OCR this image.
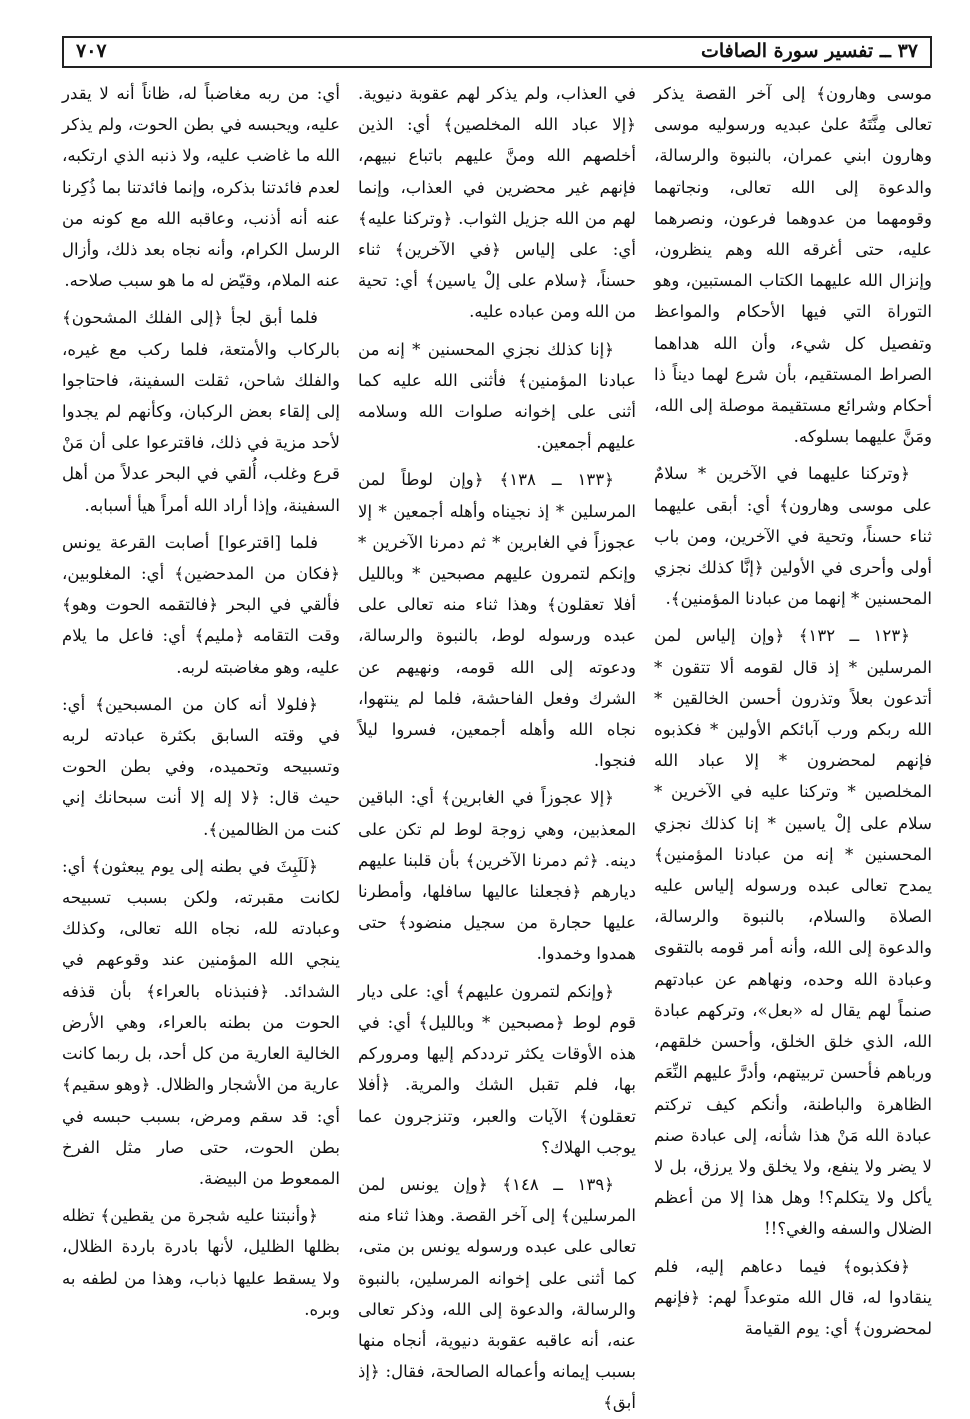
٣٧ ــ تفسير سورة الصافات
٧٠٧

موسى وهارون﴾ إلى آخر القصة يذكر تعالى مِنَّتَهُ علىٰ عبديه ورسوليه موسى وهارون ابني عمران، بالنبوة والرسالة، والدعوة إلى الله تعالى، ونجاتهما وقومهما من عدوهما فرعون، ونصرهما عليه، حتى أغرقه الله وهم ينظرون، وإنزال الله عليهما الكتاب المستبين، وهو التوراة التي فيها الأحكام والمواعظ وتفصيل كل شيء، وأن الله هداهما الصراط المستقيم، بأن شرع لهما ديناً ذا أحكام وشرائع مستقيمة موصلة إلى الله، ومَنَّ عليهما بسلوكه.

﴿وتركنا عليهما في الآخرين * سلامٌ على موسى وهارون﴾ أي: أبقى عليهما ثناء حسناً، وتحية في الآخرين، ومن باب أولى وأحرى في الأولين ﴿إنَّا كذلك نجزي المحسنين * إنهما من عبادنا المؤمنين﴾.

﴿١٢٣ ــ ١٣٢﴾ ﴿وإن إلياس لمن المرسلين * إذ قال لقومه ألا تتقون * أتدعون بعلاً وتذرون أحسن الخالقين * الله ربكم ورب آبائكم الأولين * فكذبوه فإنهم لمحضرون * إلا عباد الله المخلصين * وتركنا عليه في الآخرين * سلام على إلْ ياسين * إنا كذلك نجزي المحسنين * إنه من عبادنا المؤمنين﴾ يمدح تعالى عبده ورسوله إلياس عليه الصلاة والسلام، بالنبوة والرسالة، والدعوة إلى الله، وأنه أمر قومه بالتقوى وعبادة الله وحده، ونهاهم عن عبادتهم صنماً لهم يقال له «بعل»، وتركهم عبادة الله، الذي خلق الخلق، وأحسن خلقهم، ورباهم فأحسن تربيتهم، وأدرَّ عليهم النِّعَم الظاهرة والباطنة، وأنكم كيف تركتم عبادة الله مَنْ هذا شأنه، إلى عبادة صنم لا يضر ولا ينفع، ولا يخلق ولا يرزق، بل لا يأكل ولا يتكلم؟! وهل هذا إلا من أعظم الضلال والسفه والغي؟!!

﴿فكذبوه﴾ فيما دعاهم إليه، فلم ينقادوا له، قال الله متوعداً لهم: ﴿فإنهم لمحضرون﴾ أي: يوم القيامة

في العذاب، ولم يذكر لهم عقوبة دنيوية. ﴿إلا عباد الله المخلصين﴾ أي: الذين أخلصهم الله ومنَّ عليهم باتباع نبيهم، فإنهم غير محضرين في العذاب، وإنما لهم من الله جزيل الثواب. ﴿وتركنا عليه﴾ أي: على إلياس ﴿في الآخرين﴾ ثناء حسناً، ﴿سلام على إلْ ياسين﴾ أي: تحية من الله ومن عباده عليه.

﴿إنا كذلك نجزي المحسنين * إنه من عبادنا المؤمنين﴾ فأثنى الله عليه كما أثنى على إخوانه صلوات الله وسلامه عليهم أجمعين.

﴿١٣٣ ــ ١٣٨﴾ ﴿وإن لوطاً لمن المرسلين * إذ نجيناه وأهله أجمعين * إلا عجوزاً في الغابرين * ثم دمرنا الآخرين * وإنكم لتمرون عليهم مصبحين * وبالليل أفلا تعقلون﴾ وهذا ثناء منه تعالى على عبده ورسوله لوط، بالنبوة والرسالة، ودعوته إلى الله قومه، ونهيهم عن الشرك وفعل الفاحشة، فلما لم ينتهوا، نجاه الله وأهله أجمعين، فسروا ليلاً فنجوا.

﴿إلا عجوزاً في الغابرين﴾ أي: الباقين المعذبين، وهي زوجة لوط لم تكن على دينه. ﴿ثم دمرنا الآخرين﴾ بأن قلبنا عليهم ديارهم ﴿فجعلنا عاليها سافلها، وأمطرنا عليها حجارة من سجيل منضود﴾ حتى همدوا وخمدوا.

﴿وإنكم لتمرون عليهم﴾ أي: على ديار قوم لوط ﴿مصبحين * وبالليل﴾ أي: في هذه الأوقات يكثر ترددكم إليها ومروركم بها، فلم تقبل الشك والمرية. ﴿أفلا تعقلون﴾ الآيات والعبر، وتنزجرون عما يوجب الهلاك؟

﴿١٣٩ ــ ١٤٨﴾ ﴿وإن يونس لمن المرسلين﴾ إلى آخر القصة. وهذا ثناء منه تعالى على عبده ورسوله يونس بن متى، كما أثنى على إخوانه المرسلين، بالنبوة والرسالة، والدعوة إلى الله، وذكر تعالى عنه، أنه عاقبه عقوبة دنيوية، أنجاه منها بسبب إيمانه وأعماله الصالحة، فقال: ﴿إذ أبق﴾

أي: من ربه مغاضباً له، ظاناً أنه لا يقدر عليه، ويحبسه في بطن الحوت، ولم يذكر الله ما غاضب عليه، ولا ذنبه الذي ارتكبه، لعدم فائدتنا بذكره، وإنما فائدتنا بما ذُكِرنا عنه أنه أذنب، وعاقبه الله مع كونه من الرسل الكرام، وأنه نجاه بعد ذلك، وأزال عنه الملام، وقيّض له ما هو سبب صلاحه.

فلما أبق لجأ ﴿إلى الفلك المشحون﴾ بالركاب والأمتعة، فلما ركب مع غيره، والفلك شاحن، ثقلت السفينة، فاحتاجوا إلى إلقاء بعض الركبان، وكأنهم لم يجدوا لأحد مزية في ذلك، فاقترعوا على أن مَنْ قرع وغلب، أُلقي في البحر عدلاً من أهل السفينة، وإذا أراد الله أمراً هيأ أسبابه.

فلما [اقترعوا] أصابت القرعة يونس ﴿فكان من المدحضين﴾ أي: المغلوبين، فألقي في البحر ﴿فالتقمه الحوت وهو﴾ وقت التقامه ﴿مليم﴾ أي: فاعل ما يلام عليه، وهو مغاضبته لربه.

﴿فلولا أنه كان من المسبحين﴾ أي: في وقته السابق بكثرة عبادته لربه وتسبيحه وتحميده، وفي بطن الحوت حيث قال: ﴿لا إله إلا أنت سبحانك إني كنت من الظالمين﴾.

﴿لَلَبِثَ في بطنه إلى يوم يبعثون﴾ أي: لكانت مقبرته، ولكن بسبب تسبيحه وعبادته لله، نجاه الله تعالى، وكذلك ينجي الله المؤمنين عند وقوعهم في الشدائد. ﴿فنبذناه بالعراء﴾ بأن قذفه الحوت من بطنه بالعراء، وهي الأرض الخالية العارية من كل أحد، بل ربما كانت عارية من الأشجار والظلال. ﴿وهو سقيم﴾ أي: قد سقم ومرض، بسبب حبسه في بطن الحوت، حتى صار مثل الفرخ الممعوط من البيضة.

﴿وأنبتنا عليه شجرة من يقطين﴾ تظله بظلها الظليل، لأنها بادرة باردة الظلال، ولا يسقط عليها ذباب، وهذا من لطفه به وبره.
